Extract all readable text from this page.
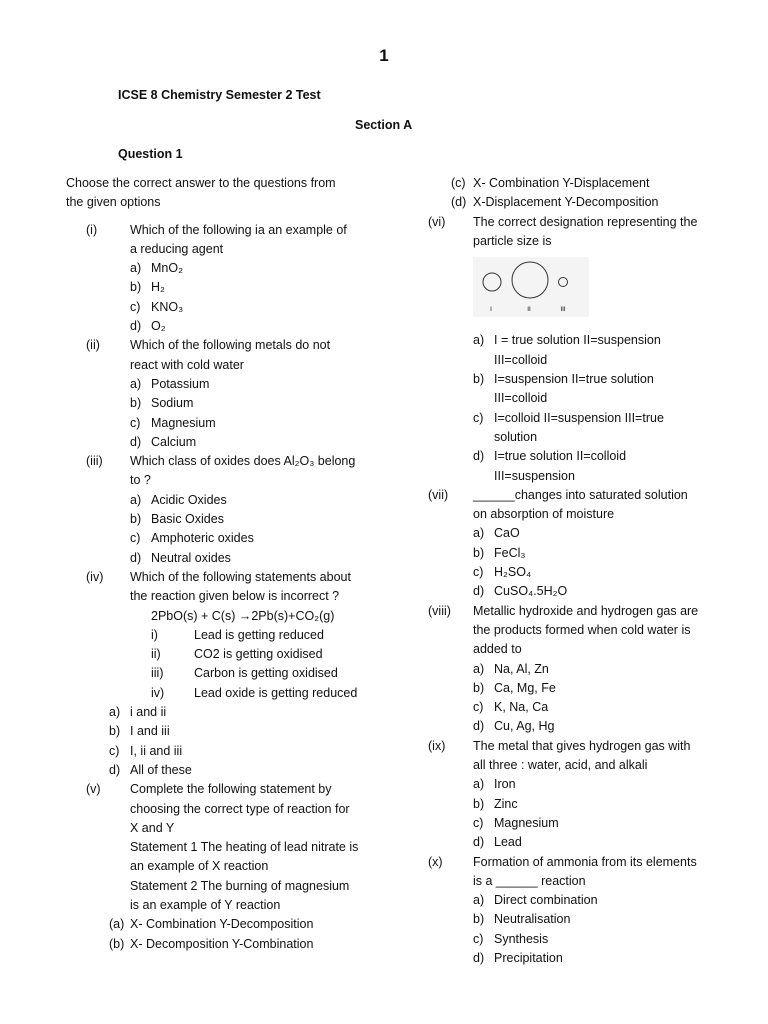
1
ICSE 8 Chemistry Semester 2 Test
Section A
Question 1
Choose the correct answer to the questions from
the given options
(i)	Which of the following ia an example of
a reducing agent
a) MnO₂
b) H₂
c) KNO₃
d) O₂
(ii) Which of the following metals do not
react with cold water
a) Potassium
b) Sodium
c) Magnesium
d) Calcium
(iii) Which class of oxides does Al₂O₃ belong
to ?
a) Acidic Oxides
b) Basic Oxides
c) Amphoteric oxides
d) Neutral oxides
(iv) Which of the following statements about
the reaction given below is incorrect ?
2PbO(s) + C(s) →2Pb(s)+CO₂(g)
i)	Lead is getting reduced
ii)	CO2 is getting oxidised
iii) Carbon is getting oxidised
iv) Lead oxide is getting reduced
a) i and ii
b) I and iii
c) I, ii and iii
d) All of these
(v) Complete the following statement by
choosing the correct type of reaction for
X and Y
Statement 1 The heating of lead nitrate is
an example of X reaction
Statement 2 The burning of magnesium
is an example of Y reaction
(a) X- Combination Y-Decomposition
(b) X- Decomposition Y-Combination
(c) X- Combination Y-Displacement
(d) X-Displacement Y-Decomposition
(vi) The correct designation representing the
particle size is
I	II	III
a) I = true solution II=suspension
III=colloid
b) I=suspension II=true solution
III=colloid
c) I=colloid II=suspension III=true
solution
d) I=true solution II=colloid
III=suspension
(vii) ______changes into saturated solution
on absorption of moisture
a) CaO
b) FeCl₃
c) H₂SO₄
d) CuSO₄.5H₂O
(viii) Metallic hydroxide and hydrogen gas are
the products formed when cold water is
added to
a) Na, Al, Zn
b) Ca, Mg, Fe
c) K, Na, Ca
d) Cu, Ag, Hg
(ix) The metal that gives hydrogen gas with
all three : water, acid, and alkali
a) Iron
b) Zinc
c) Magnesium
d) Lead
(x) Formation of ammonia from its elements
is a ______ reaction
a) Direct combination
b) Neutralisation
c) Synthesis
d) Precipitation
